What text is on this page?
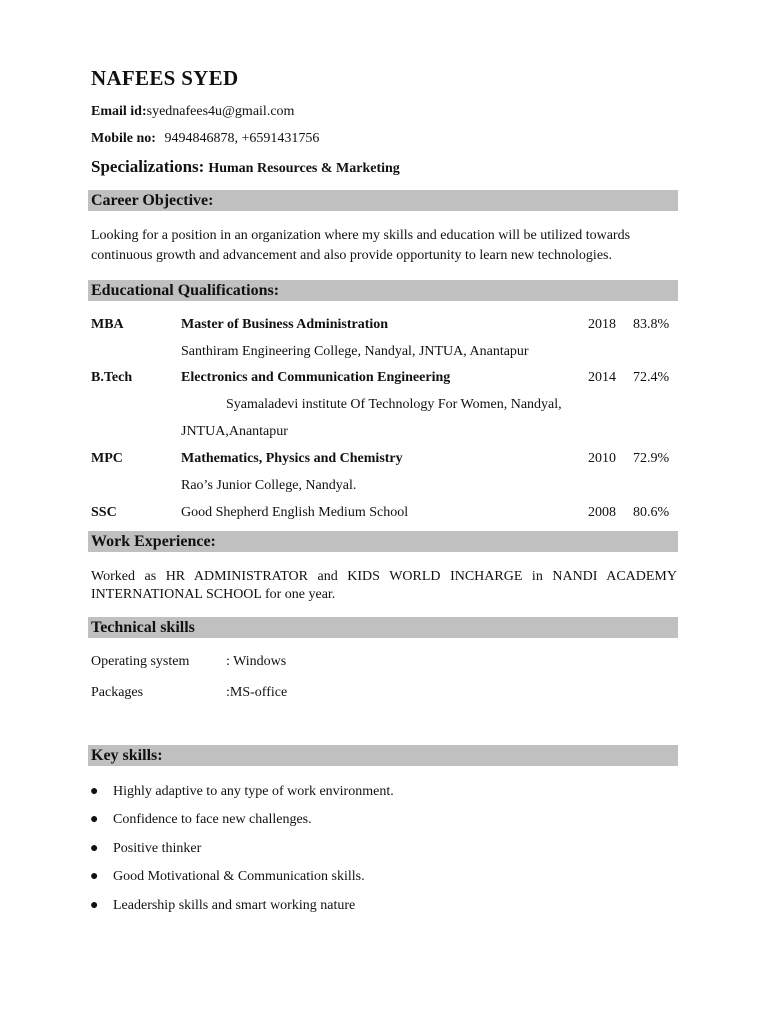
NAFEES SYED
Email id:syednafees4u@gmail.com
Mobile no: 9494846878, +6591431756
Specializations: Human Resources & Marketing
Career Objective:
Looking for a position in an organization where my skills and education will be utilized towards continuous growth and advancement and also provide opportunity to learn new technologies.
Educational Qualifications:
MBA	Master of Business Administration	2018 83.8%
Santhiram Engineering College, Nandyal, JNTUA, Anantapur
B.Tech	Electronics and Communication Engineering	2014 72.4%
Syamaladevi institute Of Technology For Women, Nandyal,
JNTUA,Anantapur
MPC	Mathematics, Physics and Chemistry	2010 72.9%
Rao’s Junior College, Nandyal.
SSC	Good Shepherd English Medium School	2008 80.6%
Work Experience:
Worked as HR ADMINISTRATOR and KIDS WORLD INCHARGE in NANDI ACADEMY INTERNATIONAL SCHOOL for one year.
Technical skills
Operating system	: Windows
Packages	:MS-office
Key skills:
● Highly adaptive to any type of work environment.
● Confidence to face new challenges.
● Positive thinker
● Good Motivational & Communication skills.
● Leadership skills and smart working nature
